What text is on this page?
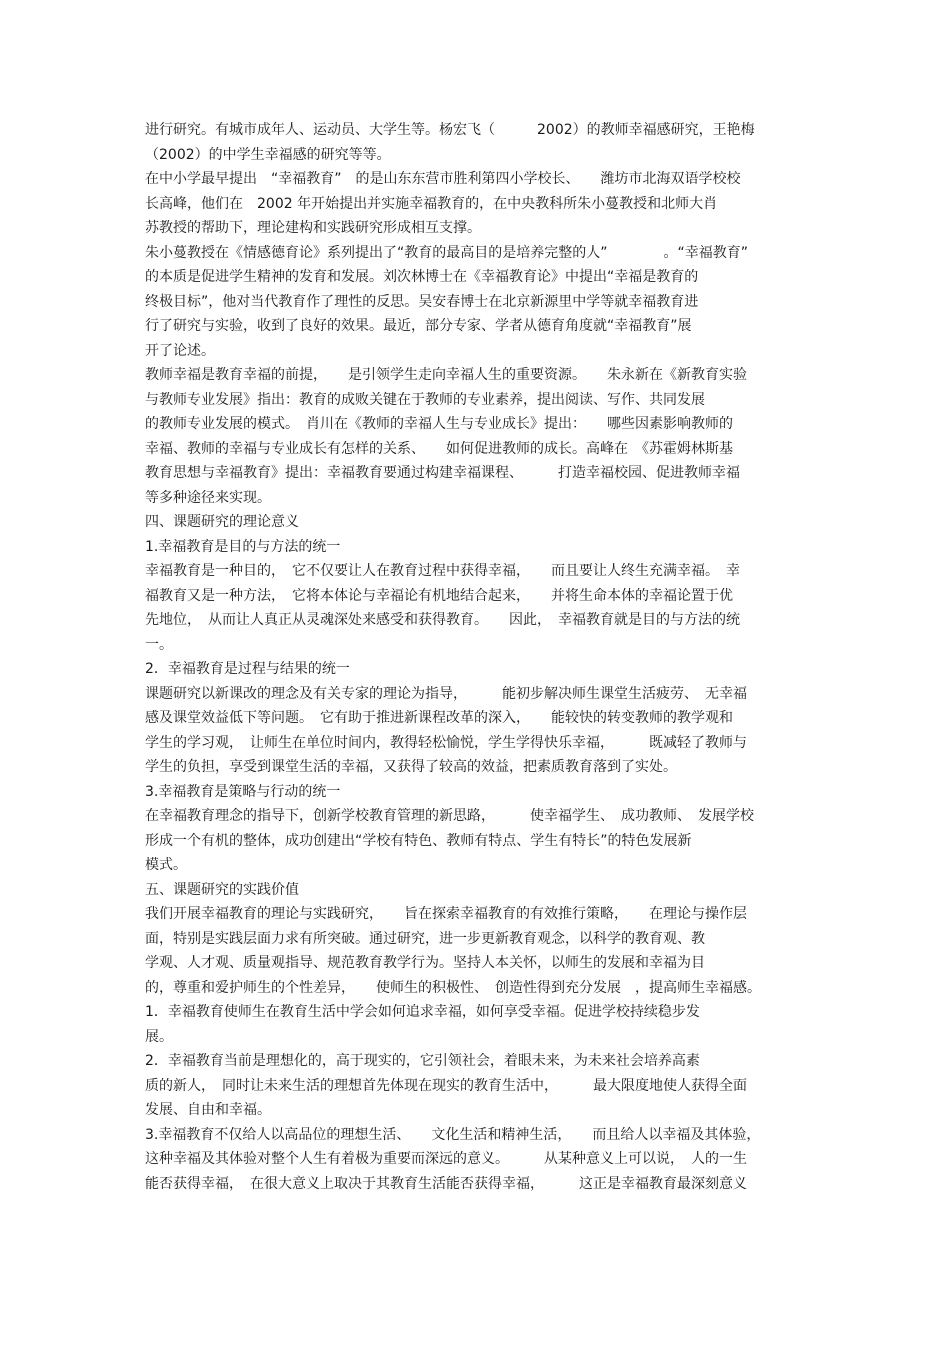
进行研究。有城市成年人、运动员、大学生等。杨宏飞（　　　2002）的教师幸福感研究，王艳梅
（2002）的中学生幸福感的研究等等。
在中小学最早提出　“幸福教育”　的是山东东营市胜利第四小学校长、　　潍坊市北海双语学校校
长高峰，他们在　2002 年开始提出并实施幸福教育的，在中央教科所朱小蔓教授和北师大肖
苏教授的帮助下，理论建构和实践研究形成相互支撑。
朱小蔓教授在《情感德育论》系列提出了“教育的最高目的是培养完整的人”　　　　。“幸福教育”
的本质是促进学生精神的发育和发展。刘次林博士在《幸福教育论》中提出“幸福是教育的
终极目标”，他对当代教育作了理性的反思。吴安春博士在北京新源里中学等就幸福教育进
行了研究与实验，收到了良好的效果。最近，部分专家、学者从德育角度就“幸福教育”展
开了论述。
教师幸福是教育幸福的前提，　　是引领学生走向幸福人生的重要资源。　　朱永新在《新教育实验
与教师专业发展》指出：教育的成败关键在于教师的专业素养，提出阅读、写作、共同发展
的教师专业发展的模式。　肖川在《教师的幸福人生与专业成长》提出：　　哪些因素影响教师的
幸福、教师的幸福与专业成长有怎样的关系、　　如何促进教师的成长。高峰在　《苏霍姆林斯基
教育思想与幸福教育》提出：幸福教育要通过构建幸福课程、　　　打造幸福校园、促进教师幸福
等多种途径来实现。
四、课题研究的理论意义
1.幸福教育是目的与方法的统一
幸福教育是一种目的，　它不仅要让人在教育过程中获得幸福，　　而且要让人终生充满幸福。　幸
福教育又是一种方法，　它将本体论与幸福论有机地结合起来，　　并将生命本体的幸福论置于优
先地位，　从而让人真正从灵魂深处来感受和获得教育。　　因此，　幸福教育就是目的与方法的统
一。
2．幸福教育是过程与结果的统一
课题研究以新课改的理念及有关专家的理论为指导，　　　能初步解决师生课堂生活疲劳、　无幸福
感及课堂效益低下等问题。　它有助于推进新课程改革的深入，　　能较快的转变教师的教学观和
学生的学习观，　让师生在单位时间内，教得轻松愉悦，学生学得快乐幸福，　　　既减轻了教师与
学生的负担，享受到课堂生活的幸福，又获得了较高的效益，把素质教育落到了实处。
3.幸福教育是策略与行动的统一
在幸福教育理念的指导下，创新学校教育管理的新思路，　　　使幸福学生、　成功教师、　发展学校
形成一个有机的整体，成功创建出“学校有特色、教师有特点、学生有特长”的特色发展新
模式。
五、课题研究的实践价值
我们开展幸福教育的理论与实践研究，　　旨在探索幸福教育的有效推行策略，　　在理论与操作层
面，特别是实践层面力求有所突破。通过研究，进一步更新教育观念，以科学的教育观、教
学观、人才观、质量观指导、规范教育教学行为。坚持人本关怀，以师生的发展和幸福为目
的，尊重和爱护师生的个性差异，　　使师生的积极性、　创造性得到充分发展　，提高师生幸福感。
1．幸福教育使师生在教育生活中学会如何追求幸福，如何享受幸福。促进学校持续稳步发
展。
2．幸福教育当前是理想化的，高于现实的，它引领社会，着眼未来，为未来社会培养高素
质的新人，　同时让未来生活的理想首先体现在现实的教育生活中，　　　最大限度地使人获得全面
发展、自由和幸福。
3.幸福教育不仅给人以高品位的理想生活、　　文化生活和精神生活，　　而且给人以幸福及其体验，
这种幸福及其体验对整个人生有着极为重要而深远的意义。　　　从某种意义上可以说，　人的一生
能否获得幸福，　在很大意义上取决于其教育生活能否获得幸福，　　　这正是幸福教育最深刻意义
